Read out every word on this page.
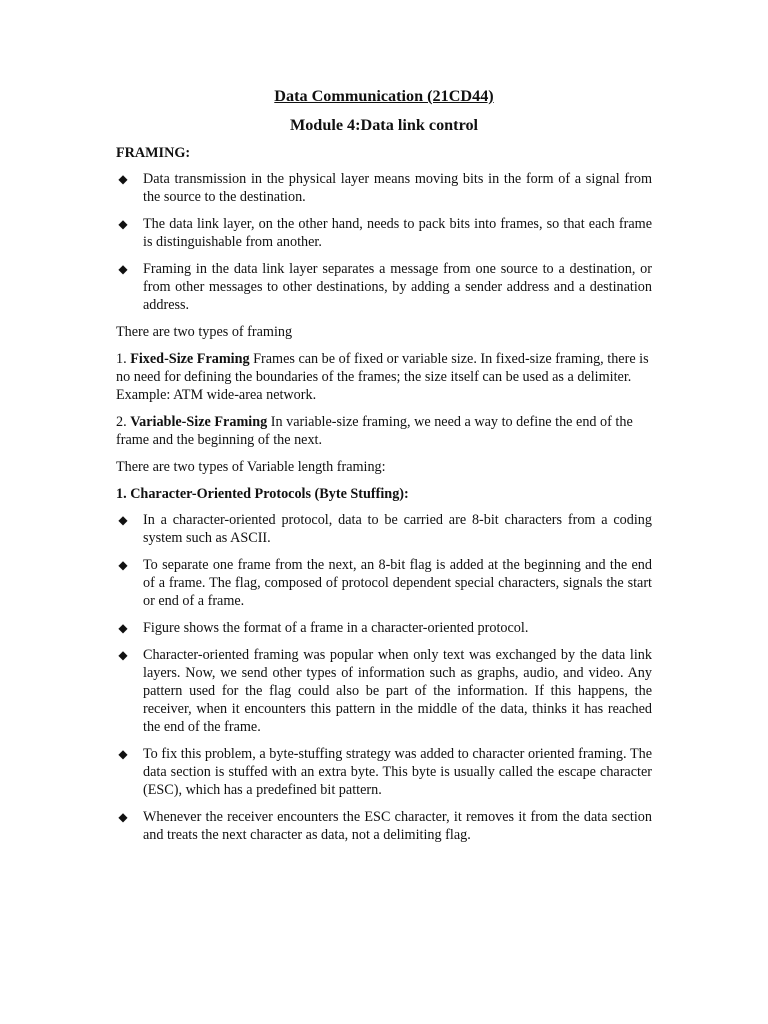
Data Communication (21CD44)
Module 4:Data link control
FRAMING:
◆ Data transmission in the physical layer means moving bits in the form of a signal from the source to the destination.
◆ The data link layer, on the other hand, needs to pack bits into frames, so that each frame is distinguishable from another.
◆ Framing in the data link layer separates a message from one source to a destination, or from other messages to other destinations, by adding a sender address and a destination address.

There are two types of framing

1. Fixed-Size Framing Frames can be of fixed or variable size. In fixed-size framing, there is no need for defining the boundaries of the frames; the size itself can be used as a delimiter. Example: ATM wide-area network.

2. Variable-Size Framing In variable-size framing, we need a way to define the end of the frame and the beginning of the next.

There are two types of Variable length framing:

1. Character-Oriented Protocols (Byte Stuffing):
◆ In a character-oriented protocol, data to be carried are 8-bit characters from a coding system such as ASCII.
◆ To separate one frame from the next, an 8-bit flag is added at the beginning and the end of a frame. The flag, composed of protocol dependent special characters, signals the start or end of a frame.
◆ Figure shows the format of a frame in a character-oriented protocol.
◆ Character-oriented framing was popular when only text was exchanged by the data link layers. Now, we send other types of information such as graphs, audio, and video. Any pattern used for the flag could also be part of the information. If this happens, the receiver, when it encounters this pattern in the middle of the data, thinks it has reached the end of the frame.
◆ To fix this problem, a byte-stuffing strategy was added to character oriented framing. The data section is stuffed with an extra byte. This byte is usually called the escape character (ESC), which has a predefined bit pattern.
◆ Whenever the receiver encounters the ESC character, it removes it from the data section and treats the next character as data, not a delimiting flag.
